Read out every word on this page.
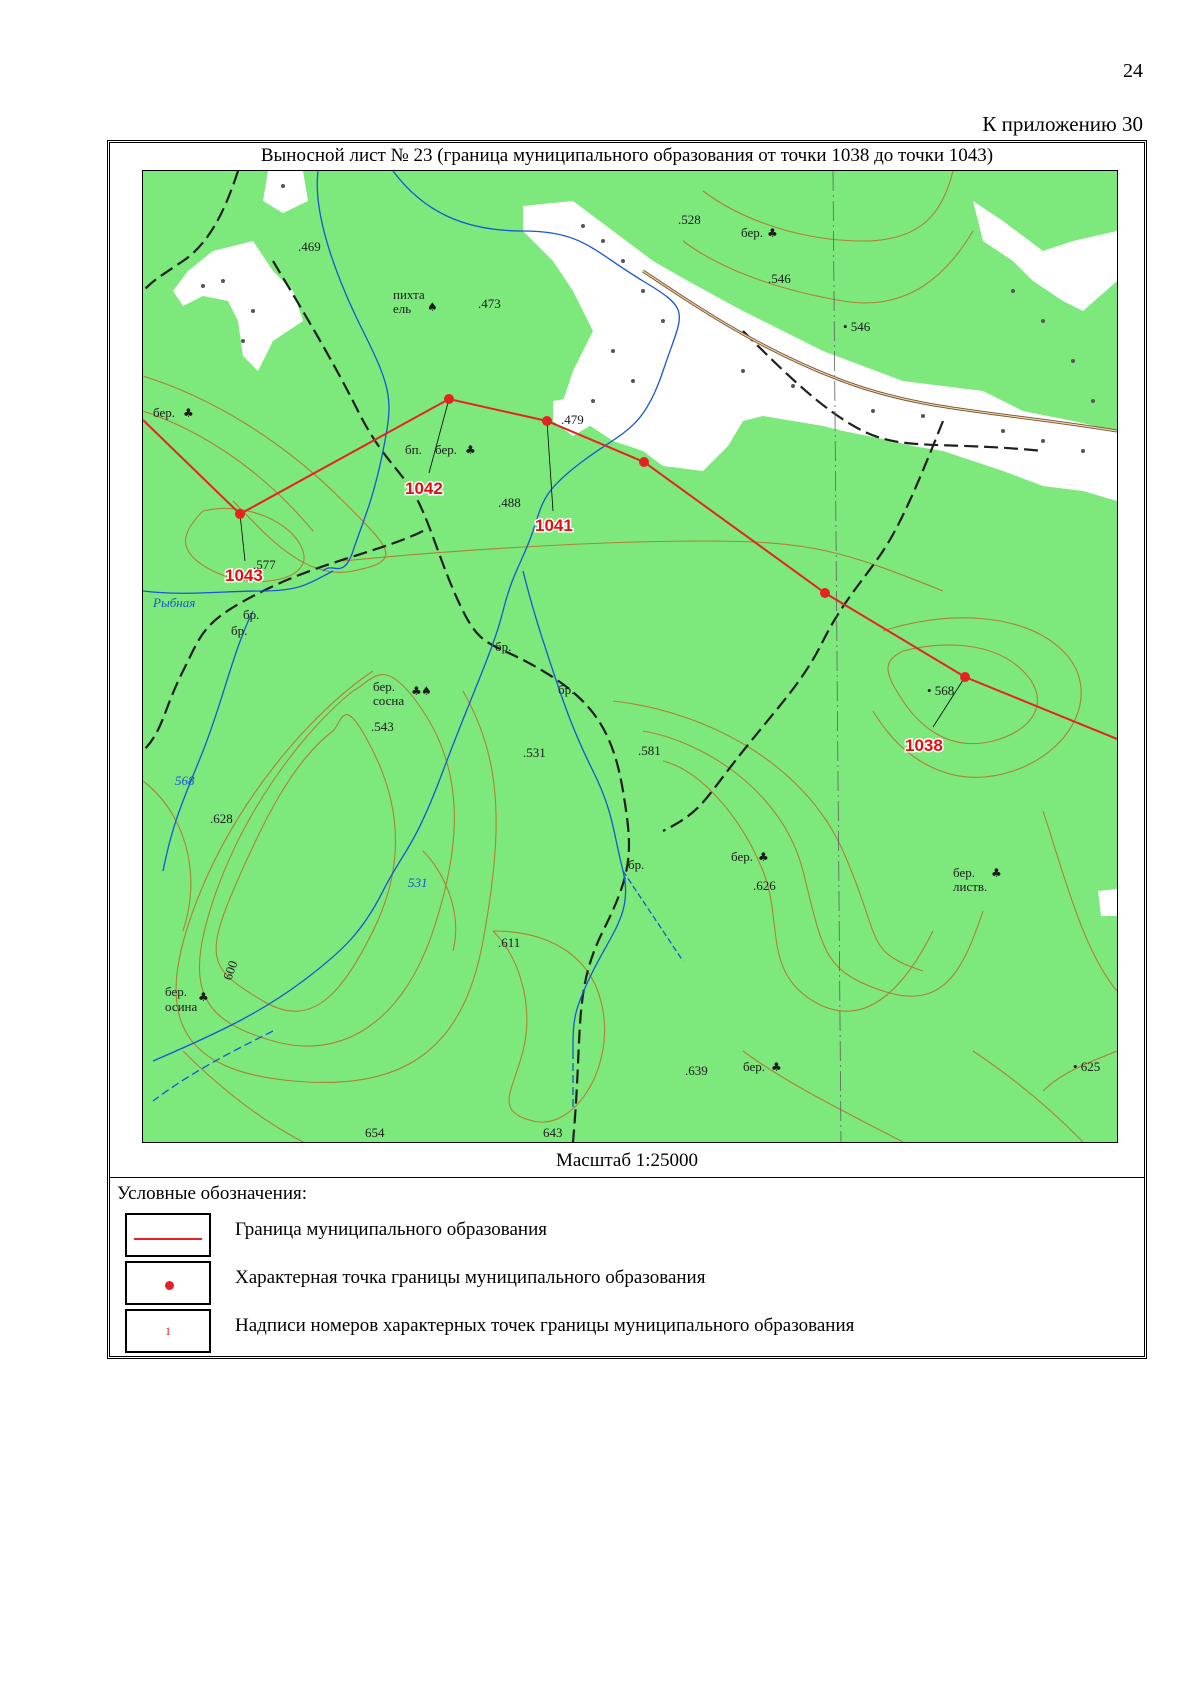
24
К приложению 30
Выносной лист № 23 (граница муниципального образования от точки 1038 до точки 1043)
1038
1041
1042
1043
.469
.473
.528
.546
• 546
.479
.488
.577
• 568
.543
.531	.581
.628
.626
.611
.639
654	643
• 625
568
531
пихта
ель
бер.
бер.
бер.
бер.
бер.
бер.
сосна
бер.
осина
бер.
листв.
бр.
бр.
бр.
бр.
бр.
бп.
Рыбная
600
♠
♣
♣
♣
♣ ♠
♣
♣
♣
♣
Масштаб 1:25000
Условные обозначения:
Граница муниципального образования
Характерная точка границы муниципального образования
1	Надписи номеров характерных точек границы муниципального образования
